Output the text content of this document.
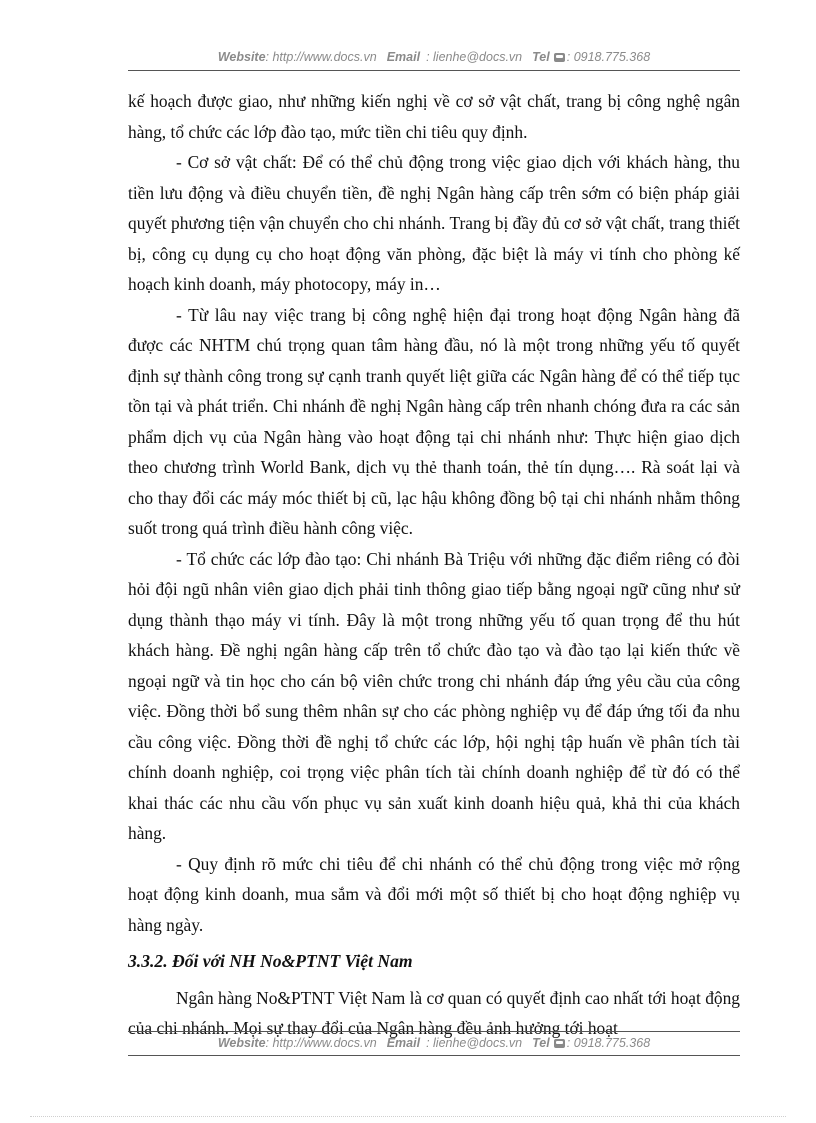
Website: http://www.docs.vn Email : lienhe@docs.vn Tel : 0918.775.368

kế hoạch được giao, như những kiến nghị về cơ sở vật chất, trang bị công nghệ ngân hàng, tổ chức các lớp đào tạo, mức tiền chi tiêu quy định.

- Cơ sở vật chất: Để có thể chủ động trong việc giao dịch với khách hàng, thu tiền lưu động và điều chuyển tiền, đề nghị Ngân hàng cấp trên sớm có biện pháp giải quyết phương tiện vận chuyển cho chi nhánh. Trang bị đầy đủ cơ sở vật chất, trang thiết bị, công cụ dụng cụ cho hoạt động văn phòng, đặc biệt là máy vi tính cho phòng kế hoạch kinh doanh, máy photocopy, máy in…

- Từ lâu nay việc trang bị công nghệ hiện đại trong hoạt động Ngân hàng đã được các NHTM chú trọng quan tâm hàng đầu, nó là một trong những yếu tố quyết định sự thành công trong sự cạnh tranh quyết liệt giữa các Ngân hàng để có thể tiếp tục tồn tại và phát triển. Chi nhánh đề nghị Ngân hàng cấp trên nhanh chóng đưa ra các sản phẩm dịch vụ của Ngân hàng vào hoạt động tại chi nhánh như: Thực hiện giao dịch theo chương trình World Bank, dịch vụ thẻ thanh toán, thẻ tín dụng…. Rà soát lại và cho thay đổi các máy móc thiết bị cũ, lạc hậu không đồng bộ tại chi nhánh nhằm thông suốt trong quá trình điều hành công việc.

- Tổ chức các lớp đào tạo: Chi nhánh Bà Triệu với những đặc điểm riêng có đòi hỏi đội ngũ nhân viên giao dịch phải tinh thông giao tiếp bằng ngoại ngữ cũng như sử dụng thành thạo máy vi tính. Đây là một trong những yếu tố quan trọng để thu hút khách hàng. Đề nghị ngân hàng cấp trên tổ chức đào tạo và đào tạo lại kiến thức về ngoại ngữ và tin học cho cán bộ viên chức trong chi nhánh đáp ứng yêu cầu của công việc. Đồng thời bổ sung thêm nhân sự cho các phòng nghiệp vụ để đáp ứng tối đa nhu cầu công việc. Đồng thời đề nghị tổ chức các lớp, hội nghị tập huấn về phân tích tài chính doanh nghiệp, coi trọng việc phân tích tài chính doanh nghiệp để từ đó có thể khai thác các nhu cầu vốn phục vụ sản xuất kinh doanh hiệu quả, khả thi của khách hàng.

- Quy định rõ mức chi tiêu để chi nhánh có thể chủ động trong việc mở rộng hoạt động kinh doanh, mua sắm và đổi mới một số thiết bị cho hoạt động nghiệp vụ hàng ngày.

3.3.2. Đối với NH No&PTNT Việt Nam

Ngân hàng No&PTNT Việt Nam là cơ quan có quyết định cao nhất tới hoạt động của chi nhánh. Mọi sự thay đổi của Ngân hàng đều ảnh hưởng tới hoạt

Website: http://www.docs.vn Email : lienhe@docs.vn Tel : 0918.775.368
